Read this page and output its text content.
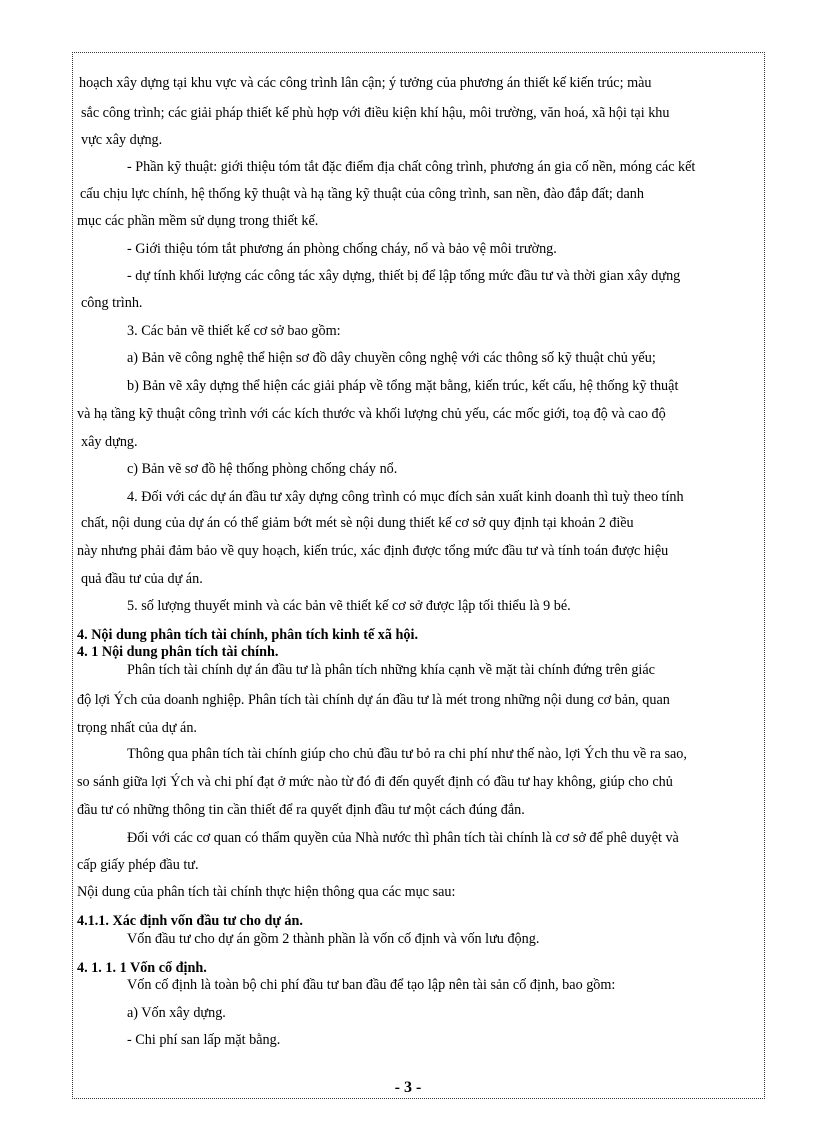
hoạch xây dựng tại khu vực và các công trình lân cận; ý tưởng của phương án thiết kế kiến trúc; màu
sắc công trình; các giải pháp thiết kế phù hợp với điều kiện khí hậu, môi trường, văn hoá, xã hội tại khu
vực xây dựng.
- Phần kỹ thuật: giới thiệu tóm tắt đặc điểm địa chất công trình, phương án gia cố nền, móng các kết
cấu chịu lực chính, hệ thống kỹ thuật và hạ tầng kỹ thuật của công trình, san nền, đào đắp đất; danh
mục các phần mềm sử dụng trong thiết kế.
- Giới thiệu tóm tắt phương án phòng chống cháy, nổ và bảo vệ môi trường.
- dự tính khối lượng các công tác xây dựng, thiết bị để lập tổng mức đầu tư và thời gian xây dựng
công trình.
3. Các bản vẽ thiết kế cơ sở bao gồm:
a) Bản vẽ công nghệ thể hiện sơ đồ dây chuyền công nghệ với các thông số kỹ thuật chủ yếu;
b) Bản vẽ xây dựng thể hiện các giải pháp về tổng mặt bằng, kiến trúc, kết cấu, hệ thống kỹ thuật
và hạ tầng kỹ thuật công trình với các kích thước và khối lượng chủ yếu, các mốc giới, toạ độ và cao độ
xây dựng.
c) Bản vẽ sơ đồ hệ thống phòng chống cháy nổ.
4. Đối với các dự án đầu tư xây dựng công trình có mục đích sản xuất kinh doanh thì tuỳ theo tính
chất, nội dung của dự án có thể giảm bớt mét sè nội dung thiết kế cơ sở quy định tại khoản 2 điều
này nhưng phải đảm bảo về quy hoạch, kiến trúc, xác định được tổng mức đầu tư và tính toán được hiệu
quả đầu tư của dự án.
5. số lượng thuyết minh và các bản vẽ thiết kế cơ sở được lập tối thiểu là 9 bé.
4. Nội dung phân tích tài chính, phân tích kinh tế xã hội.
4. 1 Nội dung phân tích tài chính.
Phân tích tài chính dự án đầu tư là phân tích những khía cạnh về mặt tài chính đứng trên giác
độ lợi Ých của doanh nghiệp. Phân tích tài chính dự án đầu tư là mét trong những nội dung cơ bản, quan
trọng nhất của dự án.
Thông qua phân tích tài chính giúp cho chủ đầu tư bỏ ra chi phí như thế nào, lợi Ých thu về ra sao,
so sánh giữa lợi Ých và chi phí đạt ở mức nào từ đó đi đến quyết định có đầu tư hay không, giúp cho chủ
đầu tư có những thông tin cần thiết để ra quyết định đầu tư một cách đúng đắn.
Đối với các cơ quan có thẩm quyền của Nhà nước thì phân tích tài chính là cơ sở để phê duyệt và
cấp giấy phép đầu tư.
Nội dung của phân tích tài chính thực hiện thông qua các mục sau:
4.1.1. Xác định vốn đầu tư cho dự án.
Vốn đầu tư cho dự án gồm 2 thành phần là vốn cố định và vốn lưu động.
4. 1. 1. 1 Vốn cố định.
Vốn cố định là toàn bộ chi phí đầu tư ban đầu để tạo lập nên tài sản cố định, bao gồm:
a) Vốn xây dựng.
- Chi phí san lấp mặt bằng.
- 3 -
